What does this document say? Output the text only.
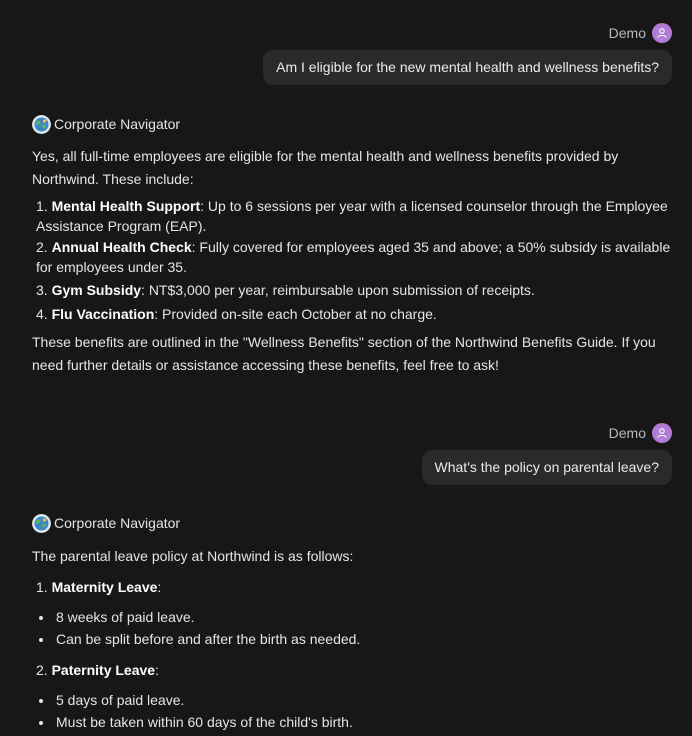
Demo
Am I eligible for the new mental health and wellness benefits?
Corporate Navigator

Yes, all full-time employees are eligible for the mental health and wellness benefits provided by Northwind. These include:

1. Mental Health Support: Up to 6 sessions per year with a licensed counselor through the Employee Assistance Program (EAP).

2. Annual Health Check: Fully covered for employees aged 35 and above; a 50% subsidy is available for employees under 35.

3. Gym Subsidy: NT$3,000 per year, reimbursable upon submission of receipts.

4. Flu Vaccination: Provided on-site each October at no charge.

These benefits are outlined in the "Wellness Benefits" section of the Northwind Benefits Guide. If you need further details or assistance accessing these benefits, feel free to ask!

Demo
What's the policy on parental leave?
Corporate Navigator

The parental leave policy at Northwind is as follows:

1. Maternity Leave:

8 weeks of paid leave.
Can be split before and after the birth as needed.

2. Paternity Leave:

5 days of paid leave.
Must be taken within 60 days of the child's birth.
